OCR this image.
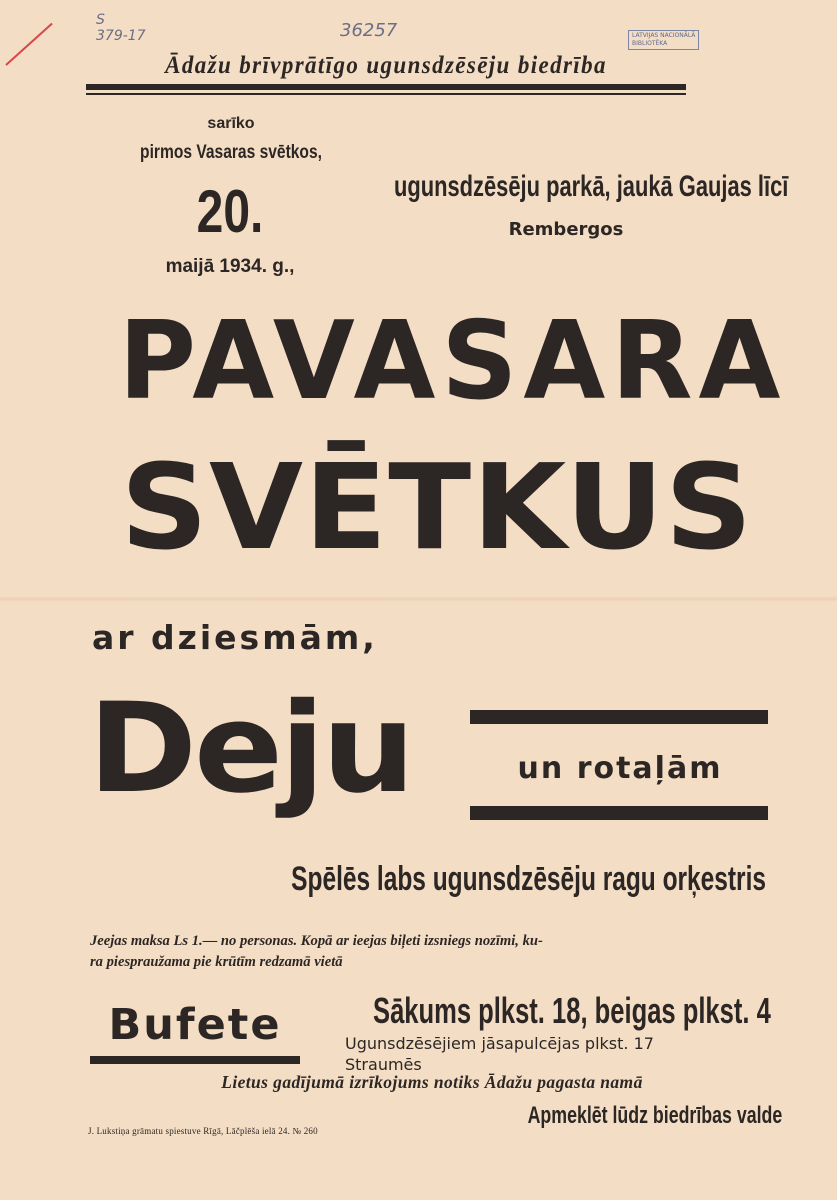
S
379-17	36257	LATVIJAS NACIONĀLĀ
BIBLIOTĒKA
Ādažu brīvprātīgo ugunsdzēsēju biedrība
sarīko
pirmos Vasaras svētkos,
20.
maijā 1934. g.,
ugunsdzēsēju parkā, jaukā Gaujas līcī
Rembergos
PAVASARA
SVĒTKUS
ar dziesmām,
Deju	un rotaļām
Spēlēs labs ugunsdzēsēju ragu orķestris
Jeejas maksa Ls 1.— no personas. Kopā ar ieejas biļeti izsniegs nozīmi, ku-
ra piespraužama pie krūtīm redzamā vietā
Bufete	Sākums plkst. 18, beigas plkst. 4
Ugunsdzēsējiem jāsapulcējas plkst. 17
Straumēs
Lietus gadījumā izrīkojums notiks Ādažu pagasta namā
Apmeklēt lūdz biedrības valde
J. Lukstiņa grāmatu spiestuve Rīgā, Lāčplēša ielā 24. № 260
